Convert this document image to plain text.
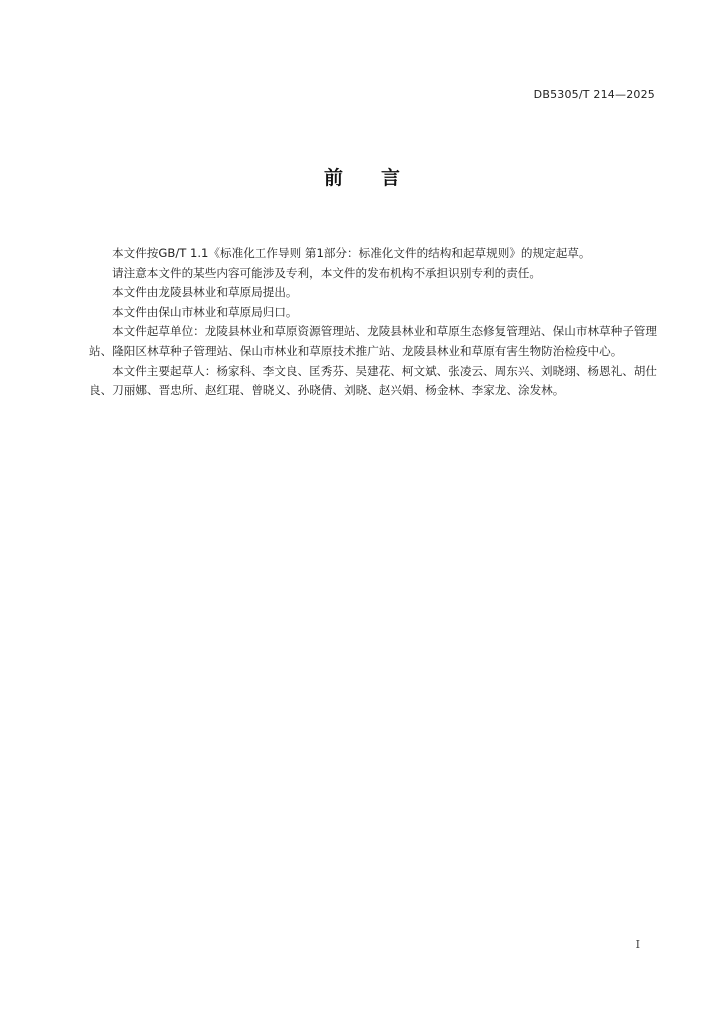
DB5305/T 214—2025
前 言

本文件按GB/T 1.1《标准化工作导则 第1部分：标准化文件的结构和起草规则》的规定起草。

请注意本文件的某些内容可能涉及专利，本文件的发布机构不承担识别专利的责任。

本文件由龙陵县林业和草原局提出。

本文件由保山市林业和草原局归口。

本文件起草单位：龙陵县林业和草原资源管理站、龙陵县林业和草原生态修复管理站、保山市林草种子管理站、隆阳区林草种子管理站、保山市林业和草原技术推广站、龙陵县林业和草原有害生物防治检疫中心。

本文件主要起草人：杨家科、李文良、匡秀芬、吴建花、柯文斌、张凌云、周东兴、刘晓翊、杨恩礼、胡仕良、刀丽娜、晋忠所、赵红琨、曾晓义、孙晓倩、刘晓、赵兴娟、杨金林、李家龙、涂发林。

I
